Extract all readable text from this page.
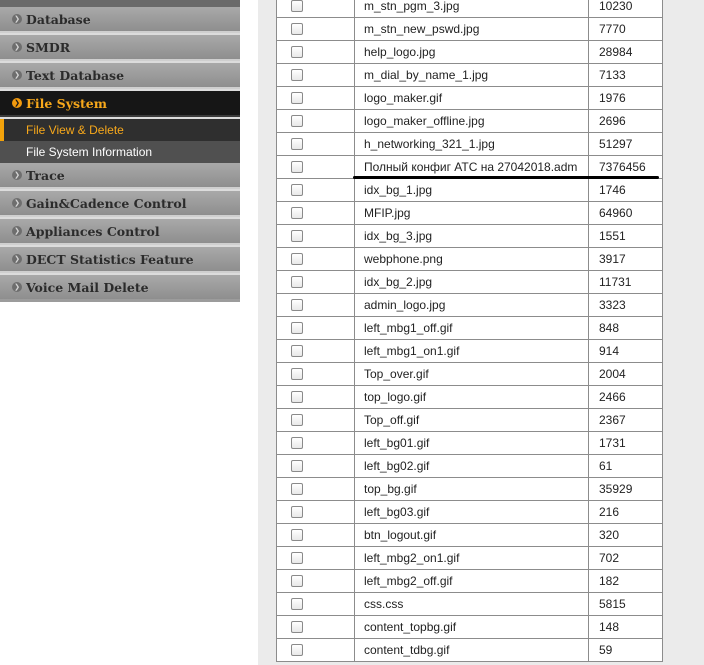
❯ Database
❯ SMDR
❯ Text Database
❯ File System
❯ Trace
❯ Gain&Cadence Control
❯ Appliances Control
❯ DECT Statistics Feature
❯ Voice Mail Delete
File View & Delete
File System Information
	m_stn_pgm_3.jpg	10230

	m_stn_new_pswd.jpg	7770

	help_logo.jpg	28984

	m_dial_by_name_1.jpg	7133

	logo_maker.gif	1976

	logo_maker_offline.jpg	2696

	h_networking_321_1.jpg	51297

	Полный конфиг АТС на 27042018.adm	7376456

	idx_bg_1.jpg	1746

	MFIP.jpg	64960

	idx_bg_3.jpg	1551

	webphone.png	3917

	idx_bg_2.jpg	11731

	admin_logo.jpg	3323

	left_mbg1_off.gif	848

	left_mbg1_on1.gif	914

	Top_over.gif	2004

	top_logo.gif	2466

	Top_off.gif	2367

	left_bg01.gif	1731

	left_bg02.gif	61

	top_bg.gif	35929

	left_bg03.gif	216

	btn_logout.gif	320

	left_mbg2_on1.gif	702

	left_mbg2_off.gif	182

	css.css	5815

	content_topbg.gif	148

	content_tdbg.gif	59
